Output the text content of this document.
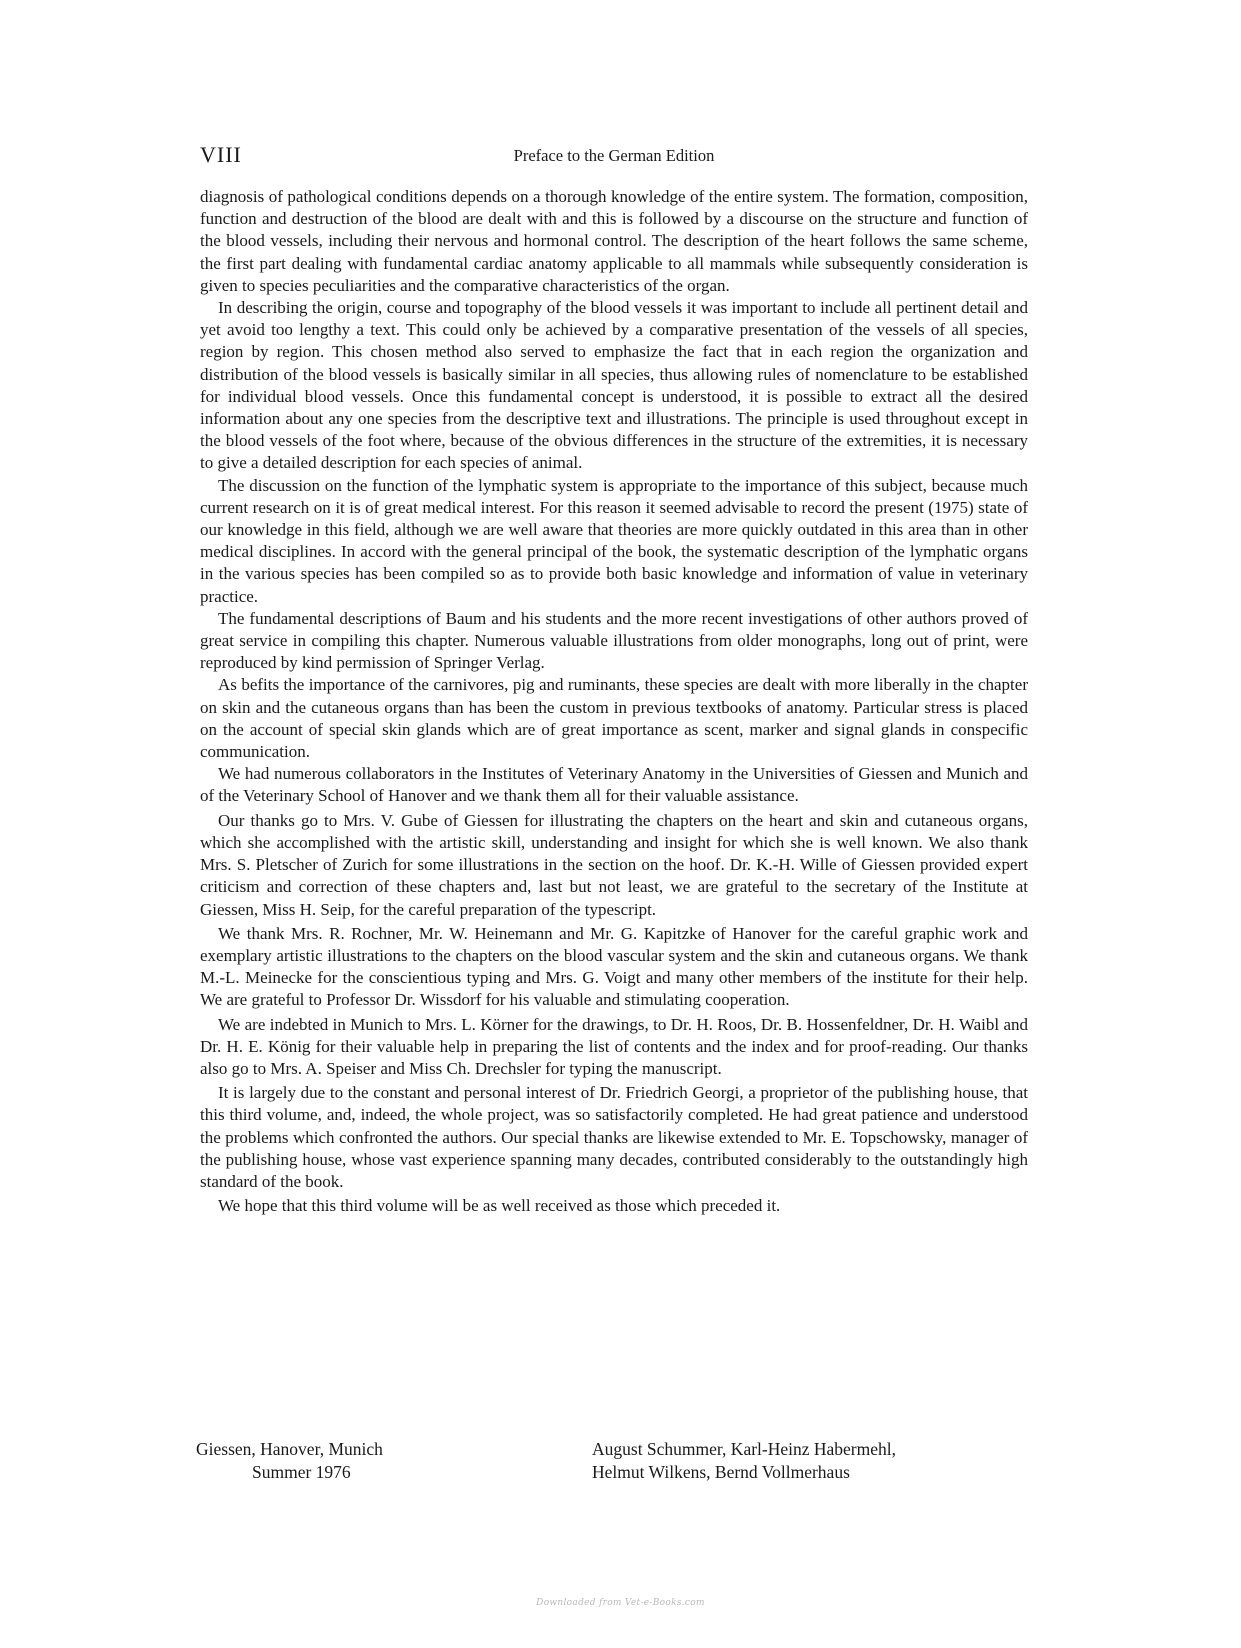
VIII	Preface to the German Edition

diagnosis of pathological conditions depends on a thorough knowledge of the entire system. The formation, composition, function and destruction of the blood are dealt with and this is followed by a discourse on the structure and function of the blood vessels, including their nervous and hormonal control. The description of the heart follows the same scheme, the first part dealing with fundamental cardiac anatomy applicable to all mammals while subsequently consideration is given to species peculiarities and the comparative characteristics of the organ.

In describing the origin, course and topography of the blood vessels it was important to include all pertinent detail and yet avoid too lengthy a text. This could only be achieved by a comparative presentation of the vessels of all species, region by region. This chosen method also served to emphasize the fact that in each region the organization and distribution of the blood vessels is basically similar in all species, thus allowing rules of nomenclature to be established for individual blood vessels. Once this fundamental concept is understood, it is possible to extract all the desired information about any one species from the descriptive text and illustrations. The principle is used throughout except in the blood vessels of the foot where, because of the obvious differences in the structure of the extremities, it is necessary to give a detailed description for each species of animal.

The discussion on the function of the lymphatic system is appropriate to the importance of this subject, because much current research on it is of great medical interest. For this reason it seemed advisable to record the present (1975) state of our knowledge in this field, although we are well aware that theories are more quickly outdated in this area than in other medical disciplines. In accord with the general principal of the book, the systematic description of the lymphatic organs in the various species has been compiled so as to provide both basic knowledge and information of value in veterinary practice.

The fundamental descriptions of Baum and his students and the more recent investigations of other authors proved of great service in compiling this chapter. Numerous valuable illustrations from older monographs, long out of print, were reproduced by kind permission of Springer Verlag.

As befits the importance of the carnivores, pig and ruminants, these species are dealt with more liberally in the chapter on skin and the cutaneous organs than has been the custom in previous textbooks of anatomy. Particular stress is placed on the account of special skin glands which are of great importance as scent, marker and signal glands in conspecific communication.

We had numerous collaborators in the Institutes of Veterinary Anatomy in the Universities of Giessen and Munich and of the Veterinary School of Hanover and we thank them all for their valuable assistance.

Our thanks go to Mrs. V. Gube of Giessen for illustrating the chapters on the heart and skin and cutaneous organs, which she accomplished with the artistic skill, understanding and insight for which she is well known. We also thank Mrs. S. Pletscher of Zurich for some illustrations in the section on the hoof. Dr. K.-H. Wille of Giessen provided expert criticism and correction of these chapters and, last but not least, we are grateful to the secretary of the Institute at Giessen, Miss H. Seip, for the careful preparation of the typescript.

We thank Mrs. R. Rochner, Mr. W. Heinemann and Mr. G. Kapitzke of Hanover for the careful graphic work and exemplary artistic illustrations to the chapters on the blood vascular system and the skin and cutaneous organs. We thank M.-L. Meinecke for the conscientious typing and Mrs. G. Voigt and many other members of the institute for their help. We are grateful to Professor Dr. Wissdorf for his valuable and stimulating cooperation.

We are indebted in Munich to Mrs. L. Körner for the drawings, to Dr. H. Roos, Dr. B. Hossenfeldner, Dr. H. Waibl and Dr. H. E. König for their valuable help in preparing the list of contents and the index and for proof-reading. Our thanks also go to Mrs. A. Speiser and Miss Ch. Drechsler for typing the manuscript.

It is largely due to the constant and personal interest of Dr. Friedrich Georgi, a proprietor of the publishing house, that this third volume, and, indeed, the whole project, was so satisfactorily completed. He had great patience and understood the problems which confronted the authors. Our special thanks are likewise extended to Mr. E. Topschowsky, manager of the publishing house, whose vast experience spanning many decades, contributed considerably to the outstandingly high standard of the book.

We hope that this third volume will be as well received as those which preceded it.

Giessen, Hanover, Munich
Summer 1976
August Schummer, Karl-Heinz Habermehl,
Helmut Wilkens, Bernd Vollmerhaus
Downloaded from Vet-e-Books.com
